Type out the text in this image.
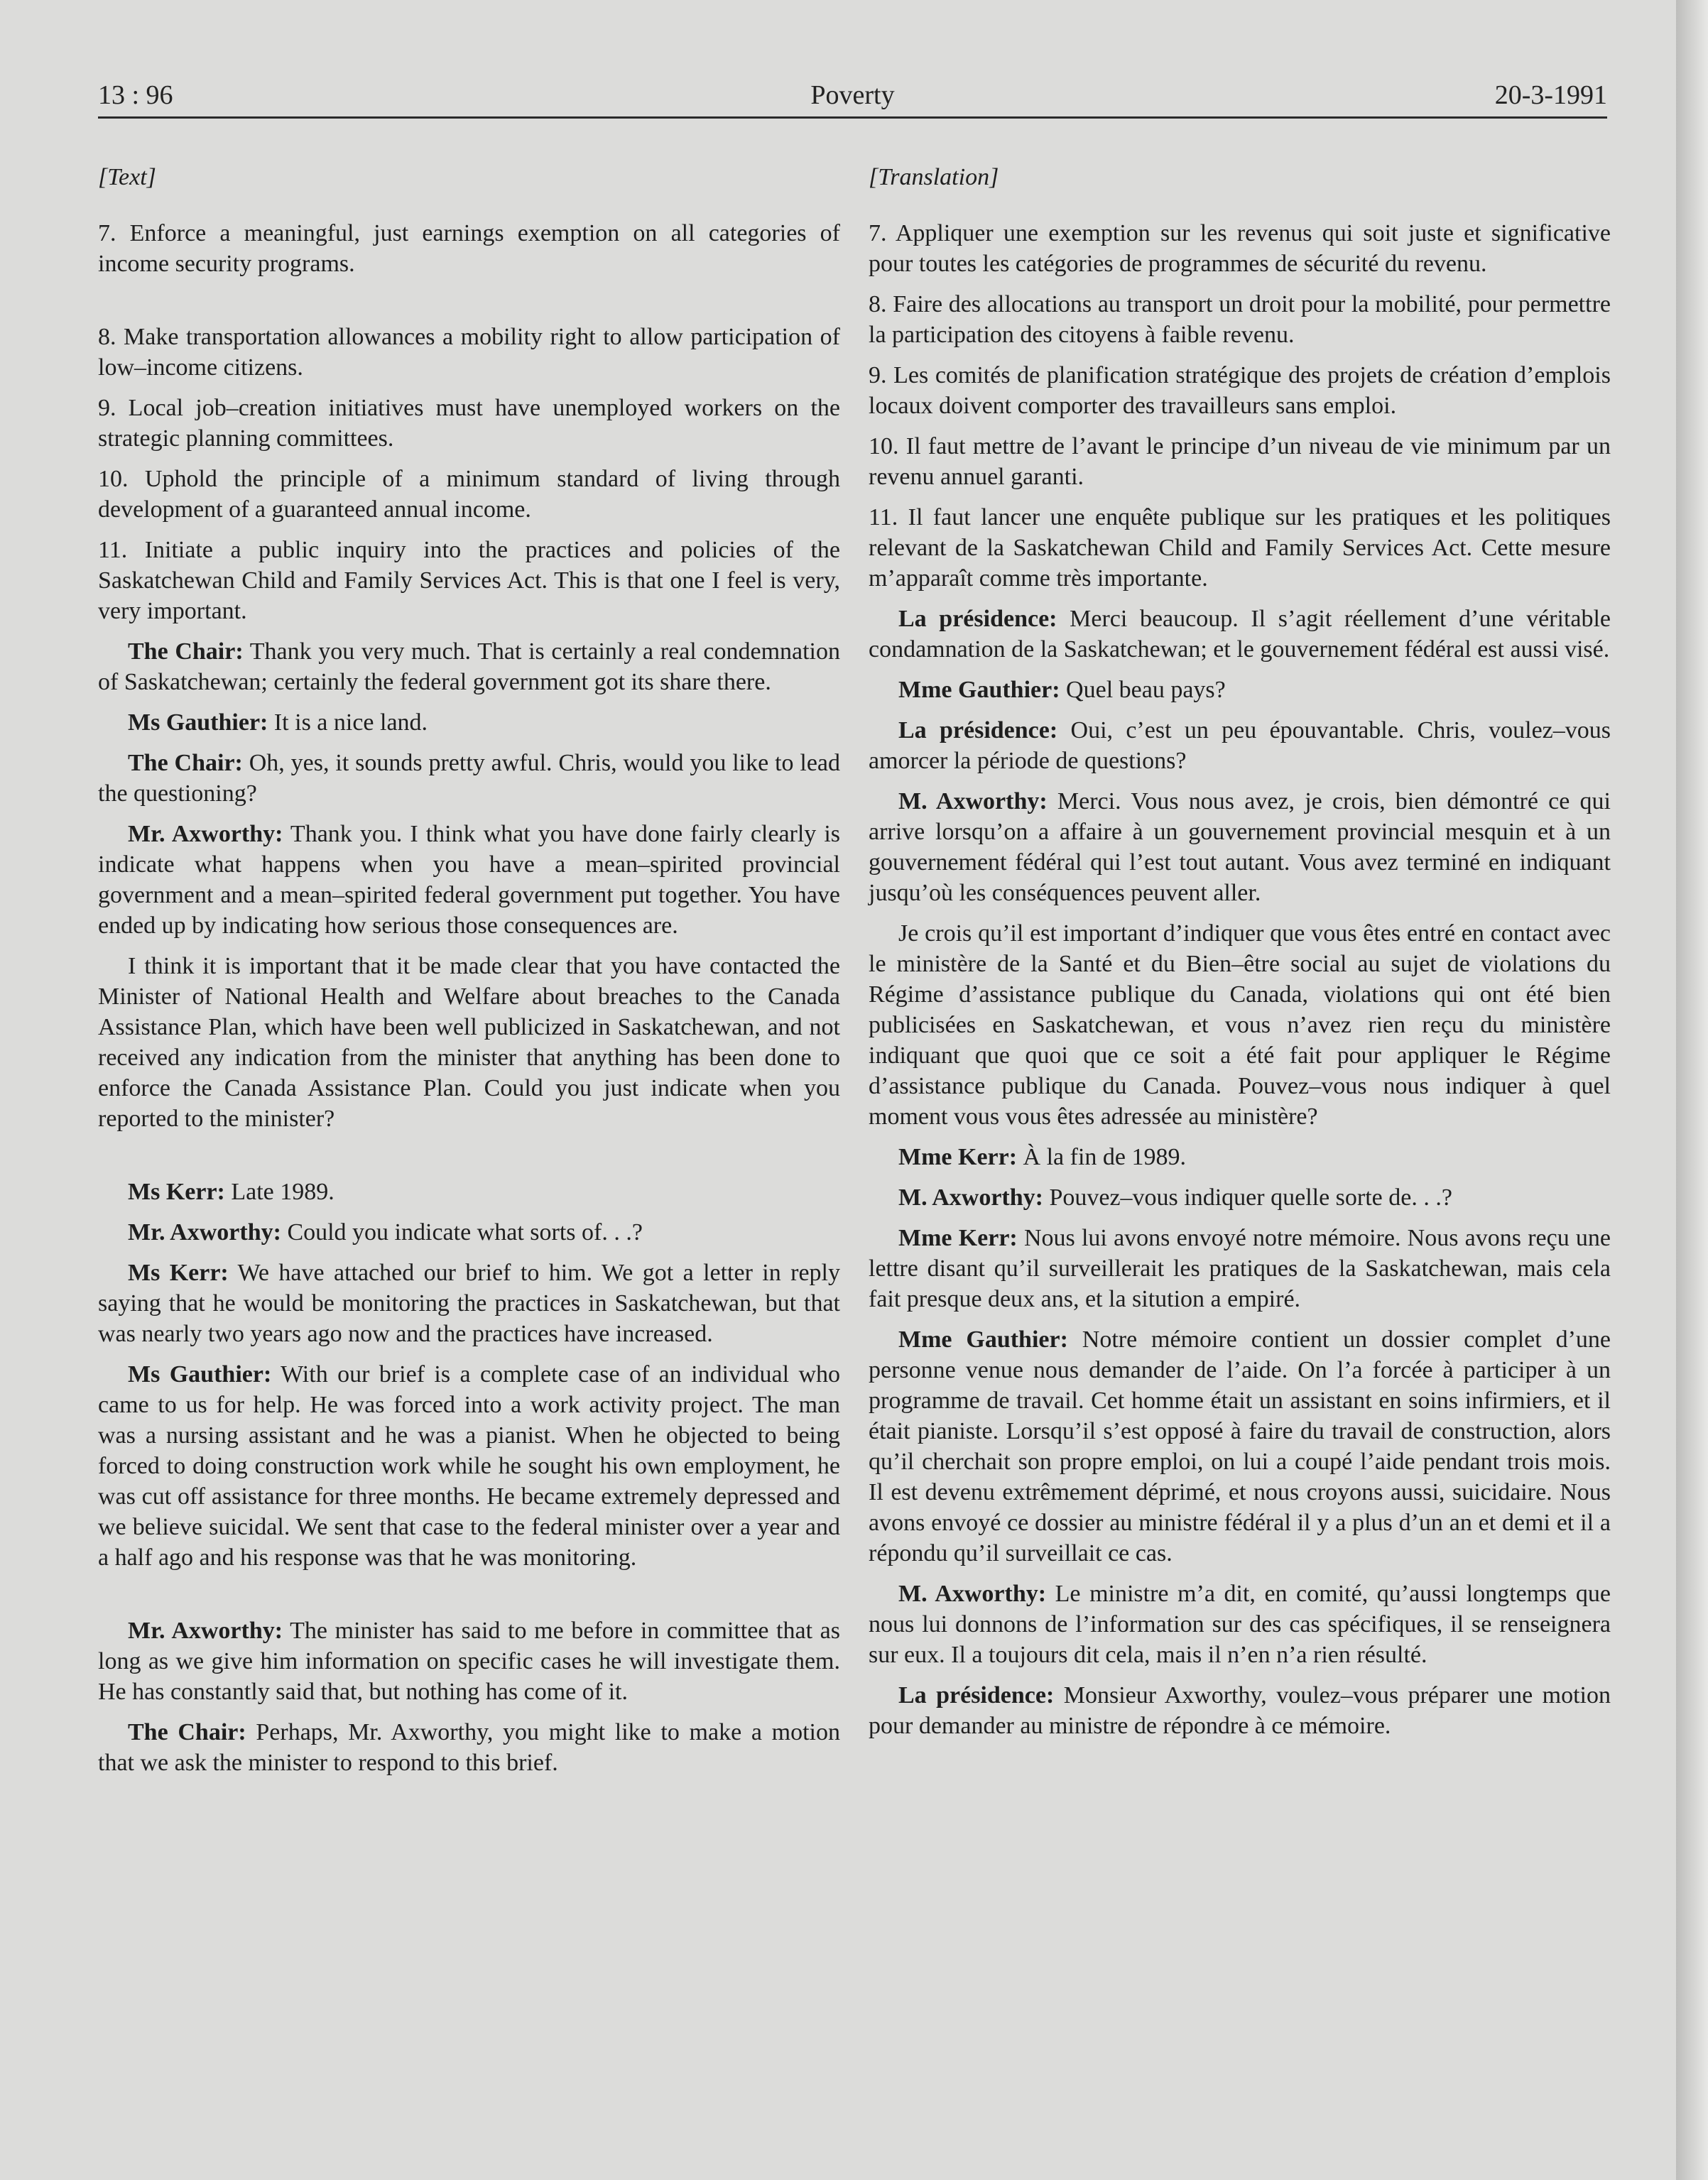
13 : 96	Poverty	20-3-1991
[Text]

7. Enforce a meaningful, just earnings exemption on all categories of income security programs.

8. Make transportation allowances a mobility right to allow participation of low–income citizens.

9. Local job–creation initiatives must have unemployed workers on the strategic planning committees.

10. Uphold the principle of a minimum standard of living through development of a guaranteed annual income.

11. Initiate a public inquiry into the practices and policies of the Saskatchewan Child and Family Services Act. This is that one I feel is very, very important.

The Chair: Thank you very much. That is certainly a real condemnation of Saskatchewan; certainly the federal government got its share there.

Ms Gauthier: It is a nice land.

The Chair: Oh, yes, it sounds pretty awful. Chris, would you like to lead the questioning?

Mr. Axworthy: Thank you. I think what you have done fairly clearly is indicate what happens when you have a mean–spirited provincial government and a mean–spirited federal government put together. You have ended up by indicating how serious those consequences are.

I think it is important that it be made clear that you have contacted the Minister of National Health and Welfare about breaches to the Canada Assistance Plan, which have been well publicized in Saskatchewan, and not received any indication from the minister that anything has been done to enforce the Canada Assistance Plan. Could you just indicate when you reported to the minister?

Ms Kerr: Late 1989.

Mr. Axworthy: Could you indicate what sorts of. . .?

Ms Kerr: We have attached our brief to him. We got a letter in reply saying that he would be monitoring the practices in Saskatchewan, but that was nearly two years ago now and the practices have increased.

Ms Gauthier: With our brief is a complete case of an individual who came to us for help. He was forced into a work activity project. The man was a nursing assistant and he was a pianist. When he objected to being forced to doing construction work while he sought his own employment, he was cut off assistance for three months. He became extremely depressed and we believe suicidal. We sent that case to the federal minister over a year and a half ago and his response was that he was monitoring.

Mr. Axworthy: The minister has said to me before in committee that as long as we give him information on specific cases he will investigate them. He has constantly said that, but nothing has come of it.

The Chair: Perhaps, Mr. Axworthy, you might like to make a motion that we ask the minister to respond to this brief.

[Translation]

7. Appliquer une exemption sur les revenus qui soit juste et significative pour toutes les catégories de programmes de sécurité du revenu.

8. Faire des allocations au transport un droit pour la mobilité, pour permettre la participation des citoyens à faible revenu.

9. Les comités de planification stratégique des projets de création d’emplois locaux doivent comporter des travailleurs sans emploi.

10. Il faut mettre de l’avant le principe d’un niveau de vie minimum par un revenu annuel garanti.

11. Il faut lancer une enquête publique sur les pratiques et les politiques relevant de la Saskatchewan Child and Family Services Act. Cette mesure m’apparaît comme très importante.

La présidence: Merci beaucoup. Il s’agit réellement d’une véritable condamnation de la Saskatchewan; et le gouvernement fédéral est aussi visé.

Mme Gauthier: Quel beau pays?

La présidence: Oui, c’est un peu épouvantable. Chris, voulez–vous amorcer la période de questions?

M. Axworthy: Merci. Vous nous avez, je crois, bien démontré ce qui arrive lorsqu’on a affaire à un gouvernement provincial mesquin et à un gouvernement fédéral qui l’est tout autant. Vous avez terminé en indiquant jusqu’où les conséquences peuvent aller.

Je crois qu’il est important d’indiquer que vous êtes entré en contact avec le ministère de la Santé et du Bien–être social au sujet de violations du Régime d’assistance publique du Canada, violations qui ont été bien publicisées en Saskatchewan, et vous n’avez rien reçu du ministère indiquant que quoi que ce soit a été fait pour appliquer le Régime d’assistance publique du Canada. Pouvez–vous nous indiquer à quel moment vous vous êtes adressée au ministère?

Mme Kerr: À la fin de 1989.

M. Axworthy: Pouvez–vous indiquer quelle sorte de. . .?

Mme Kerr: Nous lui avons envoyé notre mémoire. Nous avons reçu une lettre disant qu’il surveillerait les pratiques de la Saskatchewan, mais cela fait presque deux ans, et la sitution a empiré.

Mme Gauthier: Notre mémoire contient un dossier complet d’une personne venue nous demander de l’aide. On l’a forcée à participer à un programme de travail. Cet homme était un assistant en soins infirmiers, et il était pianiste. Lorsqu’il s’est opposé à faire du travail de construction, alors qu’il cherchait son propre emploi, on lui a coupé l’aide pendant trois mois. Il est devenu extrêmement déprimé, et nous croyons aussi, suicidaire. Nous avons envoyé ce dossier au ministre fédéral il y a plus d’un an et demi et il a répondu qu’il surveillait ce cas.

M. Axworthy: Le ministre m’a dit, en comité, qu’aussi longtemps que nous lui donnons de l’information sur des cas spécifiques, il se renseignera sur eux. Il a toujours dit cela, mais il n’en n’a rien résulté.

La présidence: Monsieur Axworthy, voulez–vous préparer une motion pour demander au ministre de répondre à ce mémoire.
